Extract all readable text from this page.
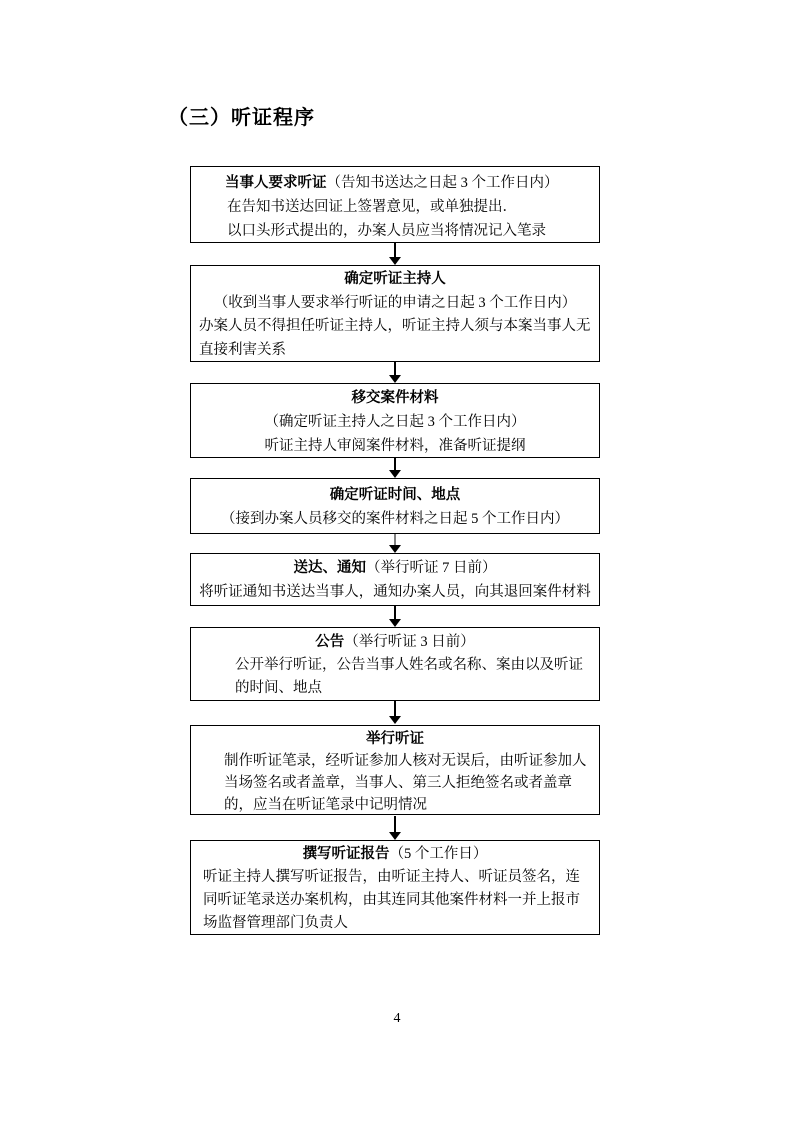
（三）听证程序
当事人要求听证（告知书送达之日起 3 个工作日内）
在告知书送达回证上签署意见，或单独提出．
以口头形式提出的，办案人员应当将情况记入笔录
确定听证主持人
（收到当事人要求举行听证的申请之日起 3 个工作日内）
办案人员不得担任听证主持人，听证主持人须与本案当事人无直接利害关系
移交案件材料
（确定听证主持人之日起 3 个工作日内）
听证主持人审阅案件材料，准备听证提纲
确定听证时间、地点
（接到办案人员移交的案件材料之日起 5 个工作日内）
送达、通知（举行听证 7 日前）
将听证通知书送达当事人，通知办案人员，向其退回案件材料
公告（举行听证 3 日前）
公开举行听证，公告当事人姓名或名称、案由以及听证的时间、地点
举行听证
制作听证笔录，经听证参加人核对无误后，由听证参加人当场签名或者盖章，当事人、第三人拒绝签名或者盖章的，应当在听证笔录中记明情况
撰写听证报告（5 个工作日）
听证主持人撰写听证报告，由听证主持人、听证员签名，连同听证笔录送办案机构，由其连同其他案件材料一并上报市场监督管理部门负责人
4
